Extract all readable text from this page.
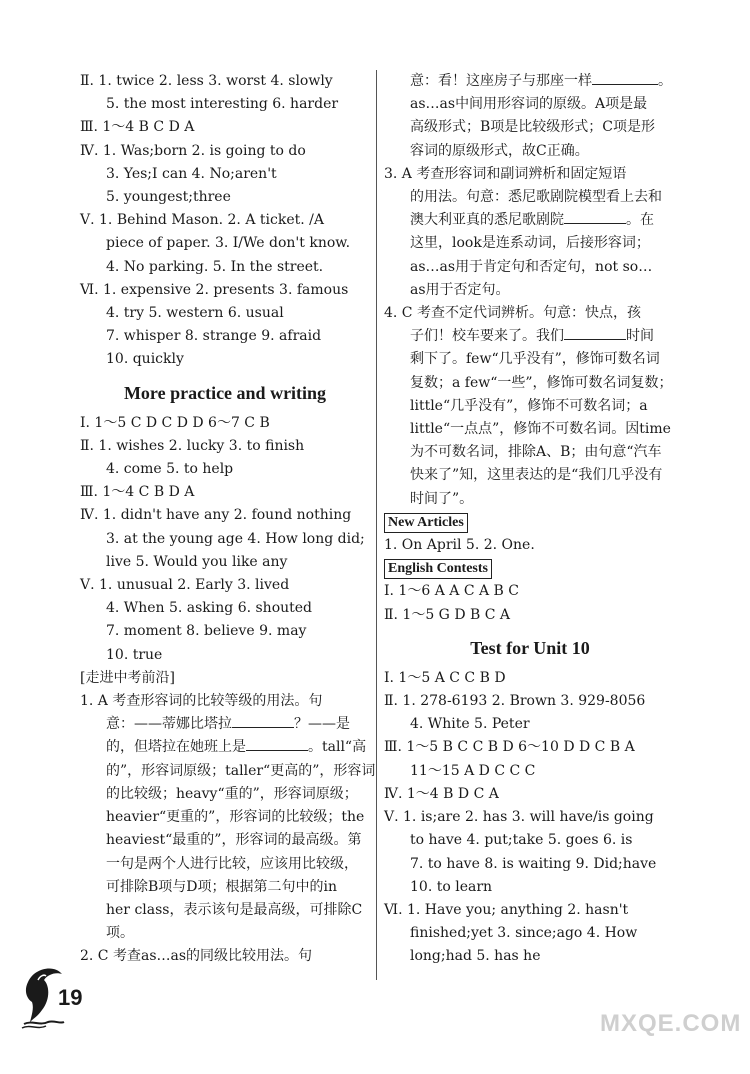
Ⅱ. 1. twice 2. less 3. worst 4. slowly
5. the most interesting 6. harder
Ⅲ. 1～4 B C D A
Ⅳ. 1. Was;born 2. is going to do
3. Yes;I can 4. No;aren't
5. youngest;three
Ⅴ. 1. Behind Mason. 2. A ticket. /A
piece of paper. 3. I/We don't know.
4. No parking. 5. In the street.
Ⅵ. 1. expensive 2. presents 3. famous
4. try 5. western 6. usual
7. whisper 8. strange 9. afraid
10. quickly
More practice and writing
Ⅰ. 1～5 C D C D D 6～7 C B
Ⅱ. 1. wishes 2. lucky 3. to finish
4. come 5. to help
Ⅲ. 1～4 C B D A
Ⅳ. 1. didn't have any 2. found nothing
3. at the young age 4. How long did;
live 5. Would you like any
Ⅴ. 1. unusual 2. Early 3. lived
4. When 5. asking 6. shouted
7. moment 8. believe 9. may
10. true
[走进中考前沿]
1. A 考查形容词的比较等级的用法。句
意：——蒂娜比塔拉	？——是
的，但塔拉在她班上是	。tall“高
的”，形容词原级；taller“更高的”，形容词
的比较级；heavy“重的”，形容词原级；
heavier“更重的”，形容词的比较级；the
heaviest“最重的”，形容词的最高级。第
一句是两个人进行比较，应该用比较级，
可排除B项与D项；根据第二句中的in
her class，表示该句是最高级，可排除C
项。
2. C 考查as…as的同级比较用法。句
意：看！这座房子与那座一样	。
as…as中间用形容词的原级。A项是最
高级形式；B项是比较级形式；C项是形
容词的原级形式，故C正确。
3. A 考查形容词和副词辨析和固定短语
的用法。句意：悉尼歌剧院模型看上去和
澳大利亚真的悉尼歌剧院	。在
这里，look是连系动词，后接形容词；
as…as用于肯定句和否定句，not so…
as用于否定句。
4. C 考查不定代词辨析。句意：快点，孩
子们！校车要来了。我们	时间
剩下了。few“几乎没有”，修饰可数名词
复数；a few“一些”，修饰可数名词复数；
little“几乎没有”，修饰不可数名词；a
little“一点点”，修饰不可数名词。因time
为不可数名词，排除A、B；由句意“汽车
快来了”知，这里表达的是“我们几乎没有
时间了”。
New Articles
1. On April 5. 2. One.
English Contests
Ⅰ. 1～6 A A C A B C
Ⅱ. 1～5 G D B C A
Test for Unit 10
Ⅰ. 1～5 A C C B D
Ⅱ. 1. 278-6193 2. Brown 3. 929-8056
4. White 5. Peter
Ⅲ. 1～5 B C C B D 6～10 D D C B A
11～15 A D C C C
Ⅳ. 1～4 B D C A
Ⅴ. 1. is;are 2. has 3. will have/is going
to have 4. put;take 5. goes 6. is
7. to have 8. is waiting 9. Did;have
10. to learn
Ⅵ. 1. Have you; anything 2. hasn't
finished;yet 3. since;ago 4. How
long;had 5. has he
19
MXQE.COM
